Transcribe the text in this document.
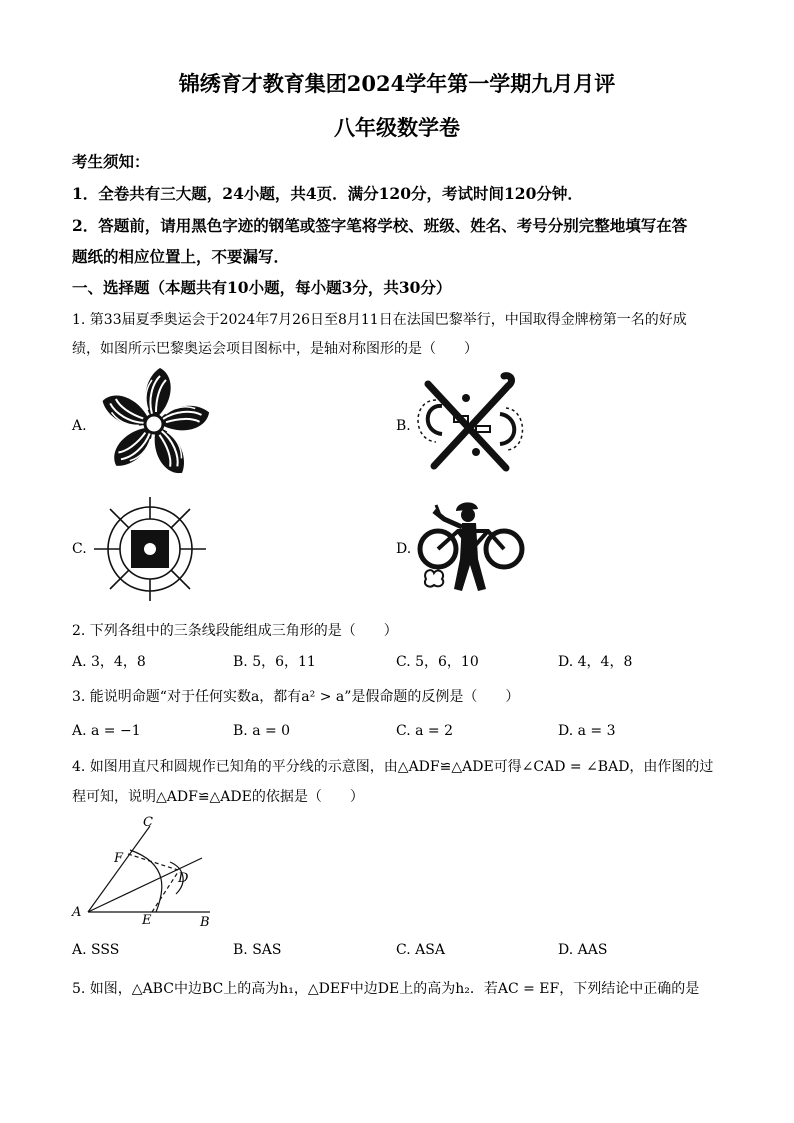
锦绣育才教育集团2024学年第一学期九月月评
八年级数学卷
考生须知：
1．全卷共有三大题，24小题，共4页．满分120分，考试时间120分钟．
2．答题前，请用黑色字迹的钢笔或签字笔将学校、班级、姓名、考号分别完整地填写在答
题纸的相应位置上，不要漏写．
一、选择题（本题共有10小题，每小题3分，共30分）
1. 第33届夏季奥运会于2024年7月26日至8月11日在法国巴黎举行，中国取得金牌榜第一名的好成
绩，如图所示巴黎奥运会项目图标中，是轴对称图形的是（　　）
A.	B.
C.	D.
2. 下列各组中的三条线段能组成三角形的是（　　）
A. 3，4，8	B. 5，6，11	C. 5，6，10	D. 4，4，8
3. 能说明命题“对于任何实数a，都有a² > a”是假命题的反例是（　　）
A. a = −1	B. a = 0	C. a = 2	D. a = 3
4. 如图用直尺和圆规作已知角的平分线的示意图，由△ADF≌△ADE可得∠CAD = ∠BAD，由作图的过
程可知，说明△ADF≌△ADE的依据是（　　）
C
F
D
A
E	B
A. SSS	B. SAS	C. ASA	D. AAS
5. 如图，△ABC中边BC上的高为h₁，△DEF中边DE上的高为h₂．若AC = EF，下列结论中正确的是
